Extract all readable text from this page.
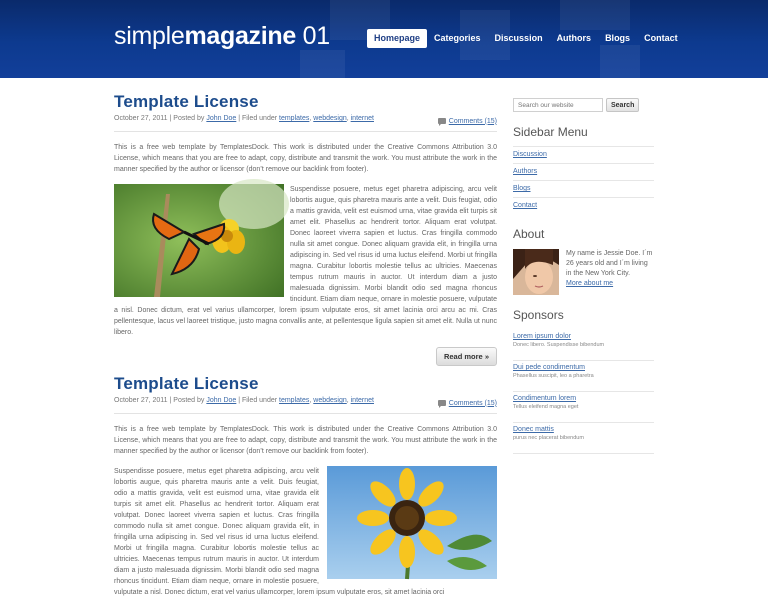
simplemagazine 01	Homepage	Categories	Discussion	Authors	Blogs	Contact
Template License
October 27, 2011 | Posted by John Doe | Filed under templates, webdesign, internet	Comments (15)

This is a free web template by TemplatesDock. This work is distributed under the Creative Commons Attribution 3.0 License, which means that you are free to adapt, copy, distribute and transmit the work. You must attribute the work in the manner specified by the author or licensor (don’t remove our backlink from footer).

Suspendisse posuere, metus eget pharetra adipiscing, arcu velit lobortis augue, quis pharetra mauris ante a velit. Duis feugiat, odio a mattis gravida, velit est euismod urna, vitae gravida elit turpis sit amet elit. Phasellus ac hendrerit tortor. Aliquam erat volutpat. Donec laoreet viverra sapien et luctus. Cras fringilla commodo nulla sit amet congue. Donec aliquam gravida elit, in fringilla urna adipiscing in. Sed vel risus id urna luctus eleifend. Morbi ut fringilla magna. Curabitur lobortis molestie tellus ac ultricies. Maecenas tempus rutrum mauris in auctor. Ut interdum diam a justo malesuada dignissim. Morbi blandit odio sed magna rhoncus tincidunt. Etiam diam neque, ornare in molestie posuere, vulputate a nisl. Donec dictum, erat vel varius ullamcorper, lorem ipsum vulputate eros, sit amet lacinia orci arcu ac mi. Cras pellentesque, lacus vel laoreet tristique, justo magna convallis ante, at pellentesque ligula sapien sit amet elit. Nulla ut nunc libero.
Read more »
Template License
October 27, 2011 | Posted by John Doe | Filed under templates, webdesign, internet	Comments (15)

This is a free web template by TemplatesDock. This work is distributed under the Creative Commons Attribution 3.0 License, which means that you are free to adapt, copy, distribute and transmit the work. You must attribute the work in the manner specified by the author or licensor (don’t remove our backlink from footer).

Suspendisse posuere, metus eget pharetra adipiscing, arcu velit lobortis augue, quis pharetra mauris ante a velit. Duis feugiat, odio a mattis gravida, velit est euismod urna, vitae gravida elit turpis sit amet elit. Phasellus ac hendrerit tortor. Aliquam erat volutpat. Donec laoreet viverra sapien et luctus. Cras fringilla commodo nulla sit amet congue. Donec aliquam gravida elit, in fringilla urna adipiscing in. Sed vel risus id urna luctus eleifend. Morbi ut fringilla magna. Curabitur lobortis molestie tellus ac ultricies. Maecenas tempus rutrum mauris in auctor. Ut interdum diam a justo malesuada dignissim. Morbi blandit odio sed magna rhoncus tincidunt. Etiam diam neque, ornare in molestie posuere, vulputate a nisl. Donec dictum, erat vel varius ullamcorper, lorem ipsum vulputate eros, sit amet lacinia orci
Search our website
Search
Sidebar Menu
Discussion
Authors
Blogs
Contact
About
My name is Jessie Doe. I´m 26 years old and I´m living in the New York City.
More about me
Sponsors
Lorem ipsum dolor
Donec libero. Suspendisse bibendum
Dui pede condimentum
Phasellus suscipit, leo a pharetra
Condimentum lorem
Tellus eleifend magna eget
Donec mattis
purus nec placerat bibendum
